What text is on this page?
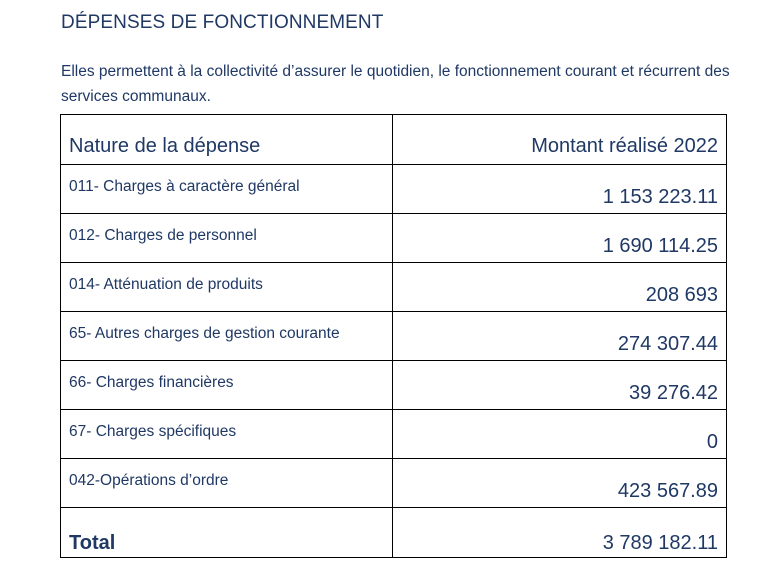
DÉPENSES DE FONCTIONNEMENT
Elles permettent à la collectivité d’assurer le quotidien, le fonctionnement courant et récurrent des services communaux.
Nature de la dépense	Montant réalisé 2022
011- Charges à caractère général	1 153 223.11
012- Charges de personnel	1 690 114.25
014- Atténuation de produits	208 693
65- Autres charges de gestion courante	274 307.44
66- Charges financières	39 276.42
67- Charges spécifiques	0
042-Opérations d’ordre	423 567.89
Total	3 789 182.11
